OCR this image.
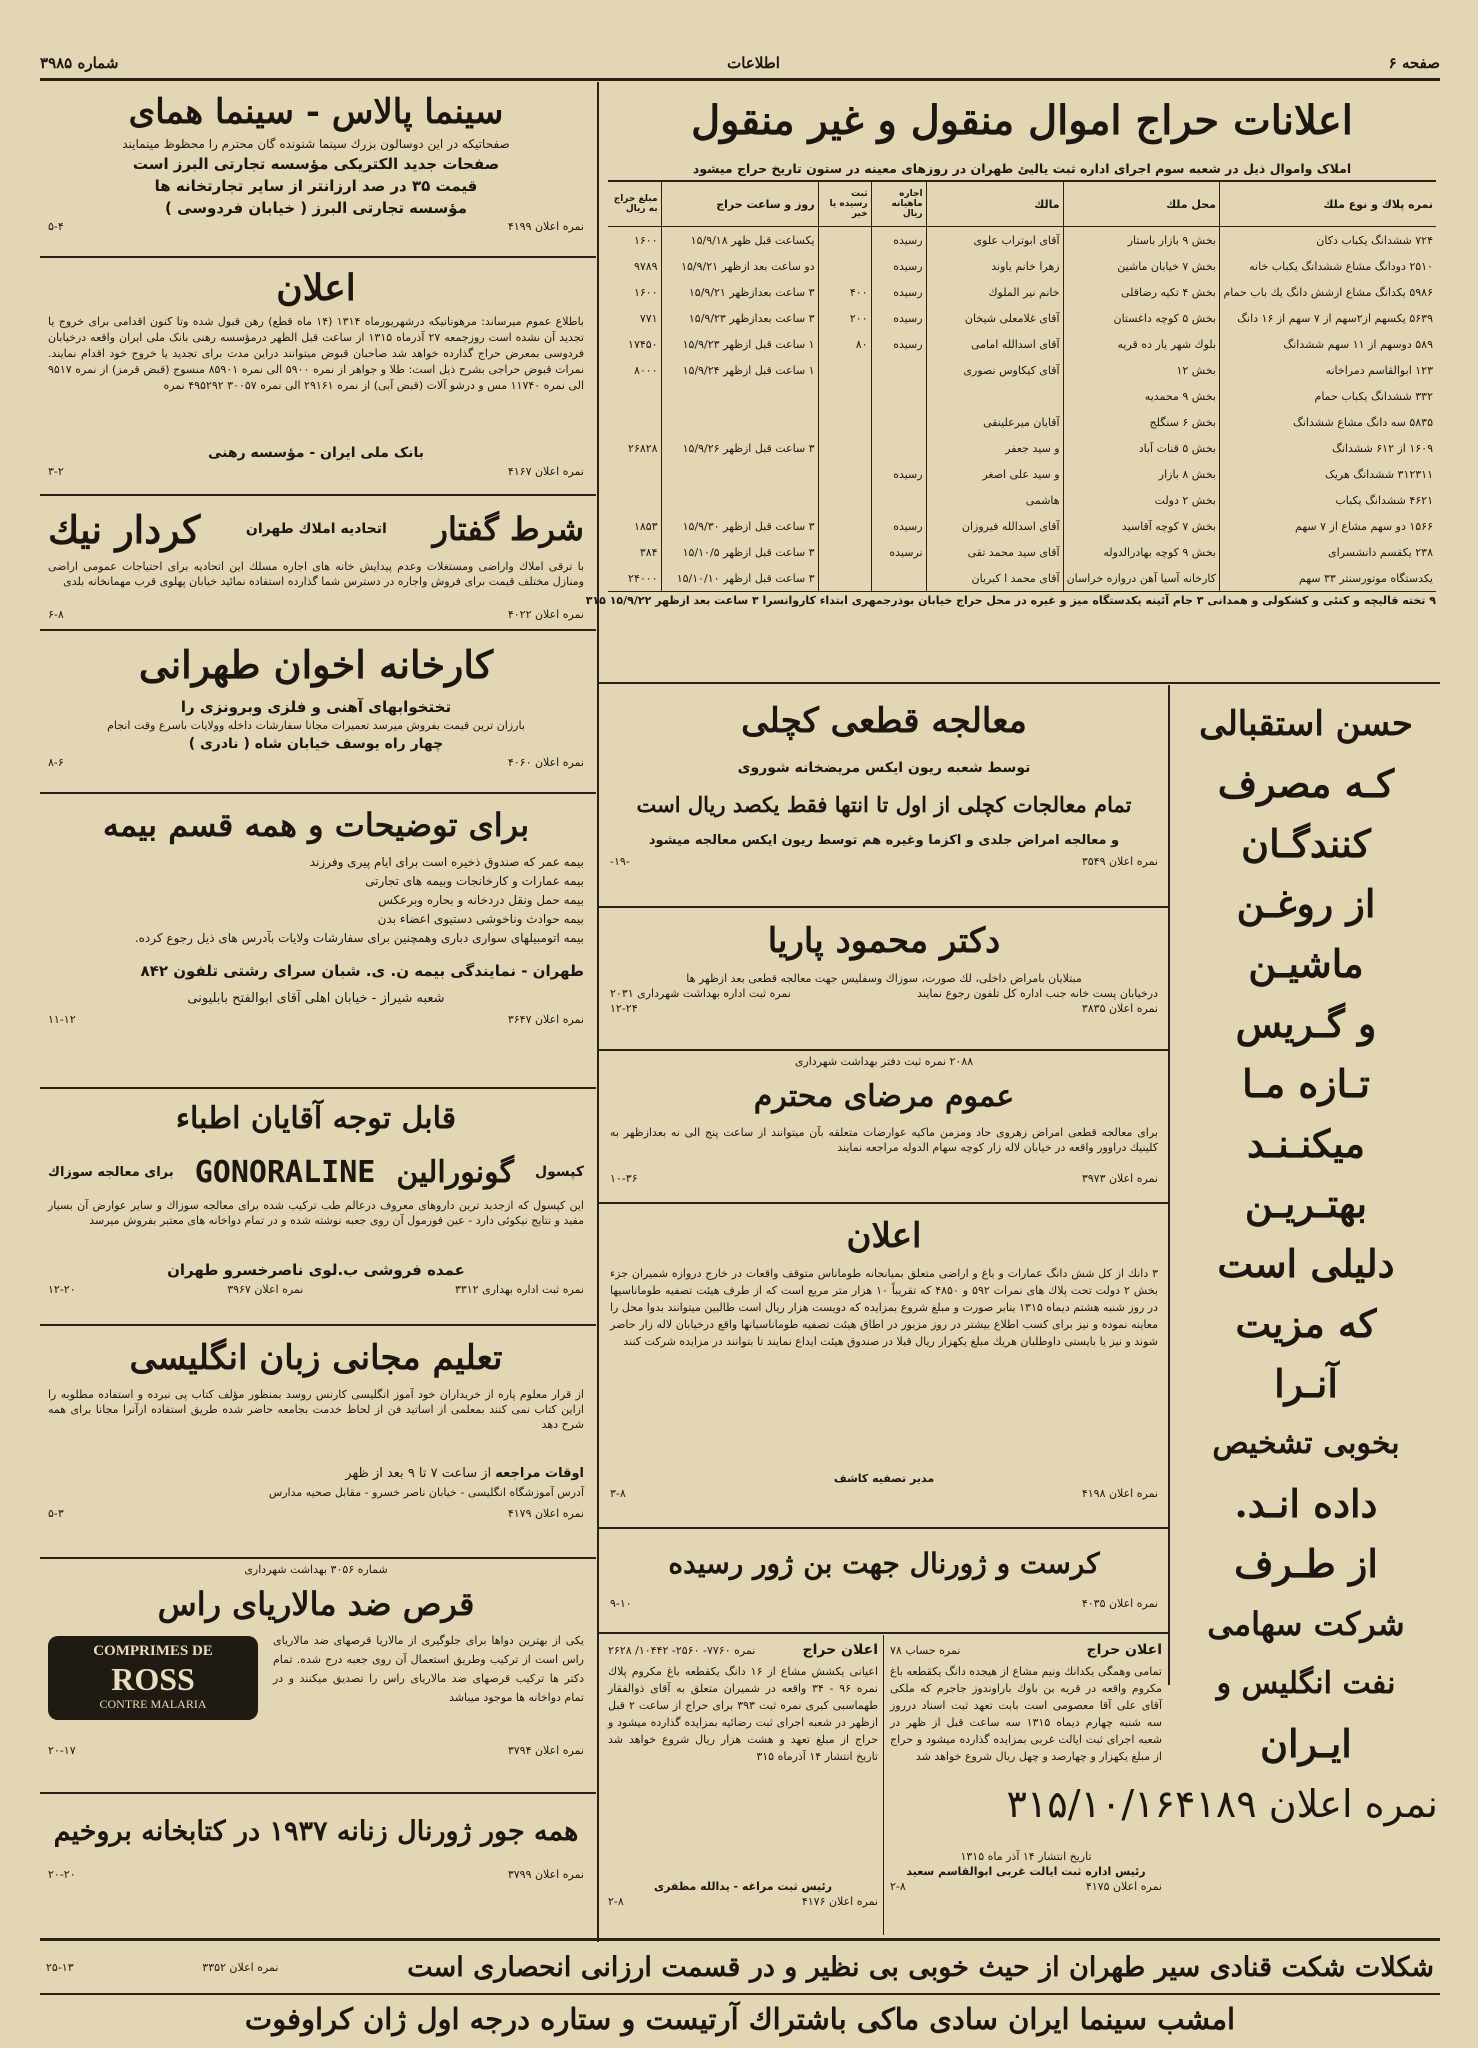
صفحه ۶
اطلاعات
شماره ۳۹۸۵
سینما پالاس - سینما همای
صفحاتیکه در این دوسالون بزرك سینما شنونده گان محترم را محظوظ مینمایند
صفحات جدید الکتریکی مؤسسه تجارتی البرز است
قیمت ۳۵ در صد ارزانتر از سایر تجارتخانه ها
مؤسسه تجارتی البرز ( خیابان فردوسی )
نمره اعلان ۴۱۹۹
۵-۴
اعلان
باطلاع عموم میرساند: مرهونانیکه درشهریورماه ۱۳۱۴ (۱۴ ماه قطع) رهن قبول شده وتا کنون اقدامی برای خروج یا تجدید آن نشده است روزجمعه ۲۷ آذرماه ۱۳۱۵ از ساعت قبل الظهر درمؤسسه رهنی بانک ملی ایران واقعه درخیابان فردوسی بمعرض حراج گذارده خواهد شد صاحبان قبوض میتوانند دراین مدت برای تجدید یا خروج خود اقدام نمایند. نمرات قبوض حراجی بشرح ذیل است: طلا و جواهر از نمره ۵۹۰۰ الی نمره ۸۵۹۰۱ منسوج (قبض قرمز) از نمره ۹۵۱۷ الی نمره ۱۱۷۴۰ مس و درشو آلات (قبض آبی) از نمره ۲۹۱۶۱ الی نمره ۳۰۰۵۷ ۴۹۵۲۹۲ نمره
بانک ملی ایران - مؤسسه رهنی
نمره اعلان ۴۱۶۷
۳-۲
شرط گفتار
اتحادیه املاك طهران
کردار نیك
با ترقی املاك واراضی ومستغلات وعدم پیدایش خانه های اجاره مسلك این اتحادیه برای احتیاجات عمومی اراضی ومنازل مختلف قیمت برای فروش واجاره در دسترس شما گذارده استفاده نمائید خیابان پهلوی قرب مهمانخانه بلدی
نمره اعلان ۴۰۲۲
۶-۸
کارخانه اخوان طهرانی
تختخوابهای آهنی و فلزی وبرونزی را
بارزان ترین قیمت بفروش میرسد تعمیرات مجانا سفارشات داخله وولایات باسرع وقت انجام
چهار راه یوسف خیابان شاه ( نادری )
نمره اعلان ۴۰۶۰
۸-۶
برای توضیحات و همه قسم بیمه
بیمه عمر که صندوق ذخیره است برای ایام پیری وفرزند
بیمه عمارات و کارخانجات وبیمه های تجارتی
بیمه حمل ونقل دردخانه و بحاره وبرعکس
بیمه حوادث وناخوشی دستیوی اعضاء بدن
بیمه اتومبیلهای سواری دباری وهمچنین برای سفارشات ولایات بآدرس های ذیل رجوع کرده.
طهران - نمایندگی بیمه ن. ی. شبان سرای رشتی تلفون ۸۴۲
شعبه شیراز - خیابان اهلی آقای ابوالفتح بابلیونی
نمره اعلان ۳۶۴۷
۱۱-۱۲
قابل توجه آقایان اطباء
کپسول
گونورالین
GONORALINE
برای معالجه سوزاك
این کپسول که ازجدید ترین داروهای معروف درعالم طب ترکیب شده برای معالجه سوزاك و سایر عوارض آن بسیار مفید و نتایج نیکوئی دارد - عین فورمول آن روی جعبه نوشته شده و در تمام دواخانه های معتبر بفروش میرسد
عمده فروشی ب.لوی ناصرخسرو طهران
نمره ثبت اداره بهداری ۳۳۱۲
نمره اعلان ۳۹۶۷
۱۲-۲۰
تعلیم مجانی زبان انگلیسی
از قرار معلوم پاره از خریداران خود آموز انگلیسی کارنس روسد بمنظور مؤلف کتاب پی نبرده و استفاده مطلوبه را ازاین کتاب نمی کنند بمعلمی از اساتید فن از لحاظ خدمت بجامعه حاضر شده طریق استفاده ازآنرا مجانا برای همه شرح دهد
اوقات مراجعه از ساعت ۷ تا ۹ بعد از ظهر
آدرس آموزشگاه انگلیسی - خیابان ناصر خسرو - مقابل صحیه مدارس
نمره اعلان ۴۱۷۹
۵-۳
شماره ۳۰۵۶ بهداشت شهرداری
قرص ضد مالاریای راس
COMPRIMES DE
ROSS
CONTRE MALARIA
یکی از بهترین دواها برای جلوگیری از مالاریا قرصهای ضد مالاریای راس است از ترکیب وطریق استعمال آن روی جعبه درج شده. تمام دکتر ها ترکیب قرصهای ضد مالاریای راس را تصدیق میکنند و در تمام دواخانه ها موجود میباشد
نمره اعلان ۳۷۹۴
۲۰-۱۷
همه جور ژورنال زنانه ۱۹۳۷ در کتابخانه بروخیم
نمره اعلان ۳۷۹۹
۲۰-۲۰
اعلانات حراج اموال منقول و غیر منقول
املاک واموال ذیل در شعبه سوم اجرای اداره ثبت یالیئ طهران در روزهای معینه در ستون تاریخ حراج میشود
نمره پلاك و نوع ملك	محل ملك	مالك	اجاره ماهیانه ریال	ثبت رسیده یا خیر	روز و ساعت حراج	مبلغ حراج به ریال
۷۲۴ ششدانگ یکباب دکان	بخش ۹ بازار باستار	آقای ابوتراب علوی	رسیده		یکساعت قبل ظهر ۱۵/۹/۱۸	۱۶۰۰
۲۵۱۰ دودانگ مشاع ششدانگ یکباب خانه	بخش ۷ خیابان ماشین	زهرا خانم یاوند	رسیده		دو ساعت بعد ازظهر ۱۵/۹/۲۱	۹۷۸۹
۵۹۸۶ یکدانگ مشاع ازشش دانگ یك باب حمام	بخش ۴ تکیه رضاقلی	خانم نیر الملوك	رسیده	۴۰۰	۳ ساعت بعدازظهر ۱۵/۹/۲۱	۱۶۰۰
۵۶۳۹ یکسهم از۲سهم از ۷ سهم از ۱۶ دانگ	بخش ۵ کوچه داغستان	آقای غلامعلی شیخان	رسیده	۲۰۰	۳ ساعت بعدازظهر ۱۵/۹/۲۳	۷۷۱
۵۸۹ دوسهم از ۱۱ سهم ششدانگ	بلوك شهر يار ده قریه	آقای اسدالله امامی	رسیده	۸۰	۱ ساعت قبل ازظهر ۱۵/۹/۲۳	۱۷۴۵۰
۱۲۳ ابوالقاسم دمراخانه	بخش ۱۲	آقای کیکاوس نصوری			۱ ساعت قبل ازظهر ۱۵/۹/۲۴	۸۰۰۰
۳۳۲ ششدانگ یکباب حمام	بخش ۹ محمدیه					
۵۸۳۵ سه دانگ مشاع ششدانگ	بخش ۶ سنگلج	آقایان میرعلینقی				
۱۶۰۹ از ۶۱۲ ششدانگ	بخش ۵ قنات آباد	و سید جعفر			۳ ساعت قبل ازظهر ۱۵/۹/۲۶	۲۶۸۲۸
۳۱۲۳۱۱ ششدانگ هریک	بخش ۸ بازار	و سید علی اصغر	رسیده			
۴۶۲۱ ششدانگ یکباب	بخش ۲ دولت	هاشمی				
۱۵۶۶ دو سهم مشاع از ۷ سهم	بخش ۷ کوچه آقاسید	آقای اسدالله فیروزان	رسیده		۳ ساعت قبل ازظهر ۱۵/۹/۳۰	۱۸۵۳
۲۳۸ یکقسم دانشسرای	بخش ۹ کوچه بهادرالدوله	آقای سید محمد تقی	نرسیده		۳ ساعت قبل ازظهر ۱۵/۱۰/۵	۳۸۴
یکدستگاه موتورسنتر ۳۳ سهم	کارخانه آسیا آهن دروازه خراسان	آقای محمد ا کبریان			۳ ساعت قبل ازظهر ۱۵/۱۰/۱۰	۲۴۰۰۰
۹ تخته قالیچه و کنئی و کشکولی و همدانی ۳ جام آئینه یکدستگاه میز و غیره در محل حراج خیابان بوذرجمهری ابتداء کاروانسرا ۳ ساعت بعد ازظهر ۱۵/۹/۲۲ ۳۱۵
معالجه قطعی کچلی
توسط شعبه ریون ایکس مریضخانه شوروی
تمام معالجات کچلی از اول تا انتها فقط یکصد ریال است
و معالجه امراض جلدی و اکزما وغیره هم توسط ریون ایکس معالجه میشود
نمره اعلان ۳۵۴۹
-۱۹-
دکتر محمود پاریا
مبتلایان بامراض داخلی، لك صورت، سوزاك وسفلیس جهت معالجه قطعی بعد ازظهر ها
درخیابان پست خانه جنب اداره کل تلفون رجوع نمایند
نمره ثبت اداره بهداشت شهرداری ۲۰۳۱
نمره اعلان ۳۸۳۵
۱۲-۲۴
۲۰۸۸ نمره ثبت دفتر بهداشت شهرداری
عموم مرضای محترم
برای معالجه قطعی امراض زهروی حاد ومزمن ماکیه عوارضات متعلقه بآن میتوانند از ساعت پنج الی نه بعدازظهر به کلینیك دراوور واقعه در خیابان لاله زار کوچه سهام الدوله مراجعه نمایند
نمره اعلان ۳۹۷۳
۱۰-۳۶
اعلان
۳ دانك از کل شش دانگ عمارات و باغ و اراضی متعلق بمیانحانه طوماناس متوقف واقعات در خارج دروازه شمیران جزء بخش ۲ دولت تحت پلاك های نمرات ۵۹۲ و ۴۸۵۰ که تقریباً ۱۰ هزار متر مربع است که از طرف هیئت تصفیه طوماناسیها در روز شنبه هشتم دیماه ۱۳۱۵ بنابر صورت و مبلغ شروع بمزایده که دویست هزار ریال است طالبین میتوانند بدوا محل را معاینه نموده و نیز برای کسب اطلاع بیشتر در روز مزبور در اطاق هیئت تصفیه طوماناسیانها واقع درخیابان لاله زار حاضر شوند و نیز یا بایستی داوطلبان هریك مبلغ یکهزار ریال قبلا در صندوق هیئت ایداع نمایند تا بتوانند در مزایده شرکت کنند
مدیر تصفیه کاشف
نمره اعلان ۴۱۹۸
۳-۸
کرست و ژورنال جهت بن ژور رسیده
نمره اعلان ۴۰۳۵
۹-۱۰
اعلان حراج
نمره ۷۷۶۰- ۲۵۶۰- ۱۰۴۴۲/ ۲۶۲۸
اعیانی یکشش مشاع از ۱۶ دانگ یکقطعه باغ مکروم پلاك نمره ۹۶ - ۳۴ واقعه در شمیران متعلق به آقای ذوالفقار طهماسبی کبری نمره ثبت ۳۹۳ برای حراج از ساعت ۲ قبل ازظهر در شعبه اجرای ثبت رضائیه بمزایده گذارده میشود و حراج از مبلغ تعهد و هشت هزار ریال شروع خواهد شد تاریخ انتشار ۱۴ آذرماه ۳۱۵
رئیس ثبت مراغه - یدالله مظفری
نمره اعلان ۴۱۷۶
۲-۸
اعلان حراج
نمره حساب ۷۸
تمامی وهمگی یکدانك ونیم مشاع از هیجده دانگ یکقطعه باغ مکروم واقعه در قریه بن باوك باراوندوز جاجرم که ملکی آقای علی آقا معصومی است بابت تعهد ثبت اسناد درروز سه شنبه چهارم دیماه ۱۳۱۵ سه ساعت قبل از ظهر در شعبه اجرای ثبت ایالت غربی بمزایده گذارده میشود و حراج از مبلغ یکهزار و چهارصد و چهل ریال شروع خواهد شد
تاریخ انتشار ۱۴ آذر ماه ۱۳۱۵
رئیس اداره ثبت ایالت غربی ابوالقاسم سعید
نمره اعلان ۴۱۷۵
۲-۸
حسن استقبالی
کـه مصرف
کنندگـان
از روغـن
ماشیـن
و گـریس
تـازه مـا
میکنـنـد
بهتـریـن
دلیلی است
که مزیت
آنـرا
بخوبی تشخیص
داده انـد.
از طـرف
شرکت سهامی
نفت انگلیس و
ایـران
نمره اعلان ۴۱۸۹
۳۱۵/۱۰/۱۶
شکلات شکت قنادی سیر طهران از حیث خوبی بی نظیر و در قسمت ارزانی انحصاری است
نمره اعلان ۳۳۵۲
۲۵-۱۳
امشب سینما ایران سادی ماکی باشتراك آرتیست و ستاره درجه اول ژان کراوفوت
